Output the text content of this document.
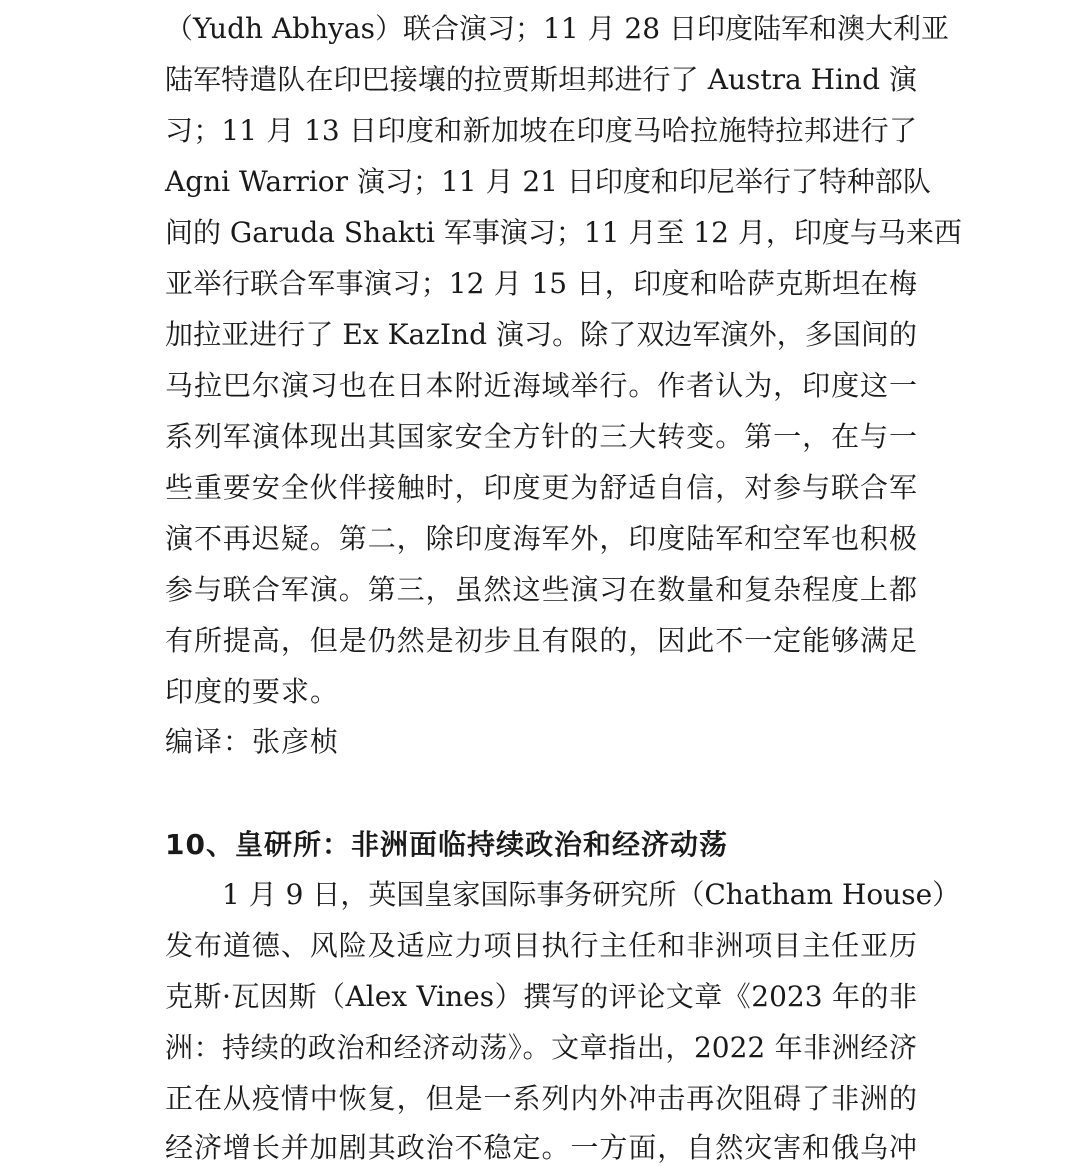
（Yudh Abhyas）联合演习；11 月 28 日印度陆军和澳大利亚
陆军特遣队在印巴接壤的拉贾斯坦邦进行了 Austra Hind 演
习；11 月 13 日印度和新加坡在印度马哈拉施特拉邦进行了
Agni Warrior 演习；11 月 21 日印度和印尼举行了特种部队
间的 Garuda Shakti 军事演习；11 月至 12 月，印度与马来西
亚举行联合军事演习；12 月 15 日，印度和哈萨克斯坦在梅
加拉亚进行了 Ex KazInd 演习。除了双边军演外，多国间的
马拉巴尔演习也在日本附近海域举行。作者认为，印度这一
系列军演体现出其国家安全方针的三大转变。第一，在与一
些重要安全伙伴接触时，印度更为舒适自信，对参与联合军
演不再迟疑。第二，除印度海军外，印度陆军和空军也积极
参与联合军演。第三，虽然这些演习在数量和复杂程度上都
有所提高，但是仍然是初步且有限的，因此不一定能够满足
印度的要求。
编译：张彦桢
10、皇研所：非洲面临持续政治和经济动荡
1 月 9 日，英国皇家国际事务研究所（Chatham House）
发布道德、风险及适应力项目执行主任和非洲项目主任亚历
克斯·瓦因斯（Alex Vines）撰写的评论文章《2023 年的非
洲：持续的政治和经济动荡》。文章指出，2022 年非洲经济
正在从疫情中恢复，但是一系列内外冲击再次阻碍了非洲的
经济增长并加剧其政治不稳定。一方面，自然灾害和俄乌冲
